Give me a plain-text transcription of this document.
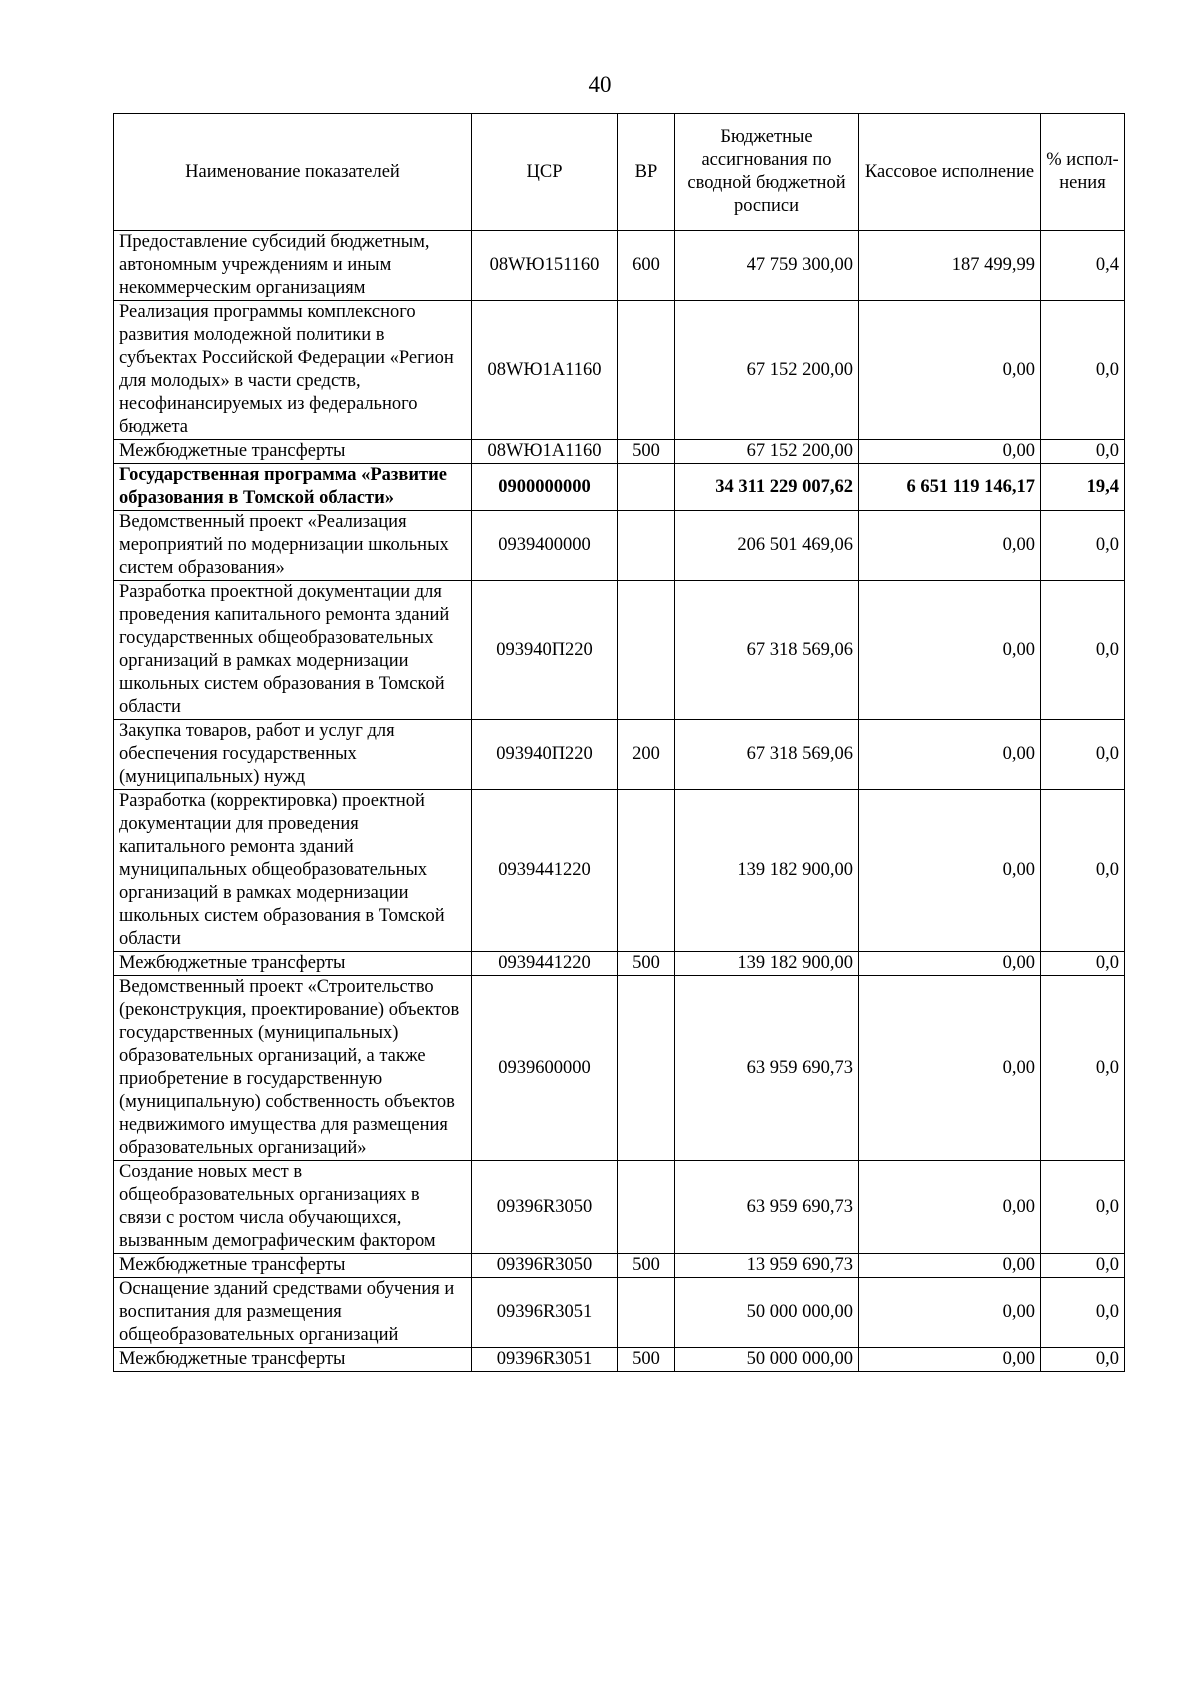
40
Наименование показателей	ЦСР	ВР	Бюджетные ассигнования по сводной бюджетной росписи	Кассовое исполнение	% испол-нения
Предоставление субсидий бюджетным, автономным учреждениям и иным некоммерческим организациям	08WЮ151160	600	47 759 300,00	187 499,99	0,4
Реализация программы комплексного развития молодежной политики в субъектах Российской Федерации «Регион для молодых» в части средств, несофинансируемых из федерального бюджета	08WЮ1A1160		67 152 200,00	0,00	0,0
Межбюджетные трансферты	08WЮ1A1160	500	67 152 200,00	0,00	0,0
Государственная программа «Развитие образования в Томской области»	0900000000		34 311 229 007,62	6 651 119 146,17	19,4
Ведомственный проект «Реализация мероприятий по модернизации школьных систем образования»	0939400000		206 501 469,06	0,00	0,0
Разработка проектной документации для проведения капитального ремонта зданий государственных общеобразовательных организаций в рамках модернизации школьных систем образования в Томской области	093940П220		67 318 569,06	0,00	0,0
Закупка товаров, работ и услуг для обеспечения государственных (муниципальных) нужд	093940П220	200	67 318 569,06	0,00	0,0
Разработка (корректировка) проектной документации для проведения капитального ремонта зданий муниципальных общеобразовательных организаций в рамках модернизации школьных систем образования в Томской области	0939441220		139 182 900,00	0,00	0,0
Межбюджетные трансферты	0939441220	500	139 182 900,00	0,00	0,0
Ведомственный проект «Строительство (реконструкция, проектирование) объектов государственных (муниципальных) образовательных организаций, а также приобретение в государственную (муниципальную) собственность объектов недвижимого имущества для размещения образовательных организаций»	0939600000		63 959 690,73	0,00	0,0
Создание новых мест в общеобразовательных организациях в связи с ростом числа обучающихся, вызванным демографическим фактором	09396R3050		63 959 690,73	0,00	0,0
Межбюджетные трансферты	09396R3050	500	13 959 690,73	0,00	0,0
Оснащение зданий средствами обучения и воспитания для размещения общеобразовательных организаций	09396R3051		50 000 000,00	0,00	0,0
Межбюджетные трансферты	09396R3051	500	50 000 000,00	0,00	0,0
